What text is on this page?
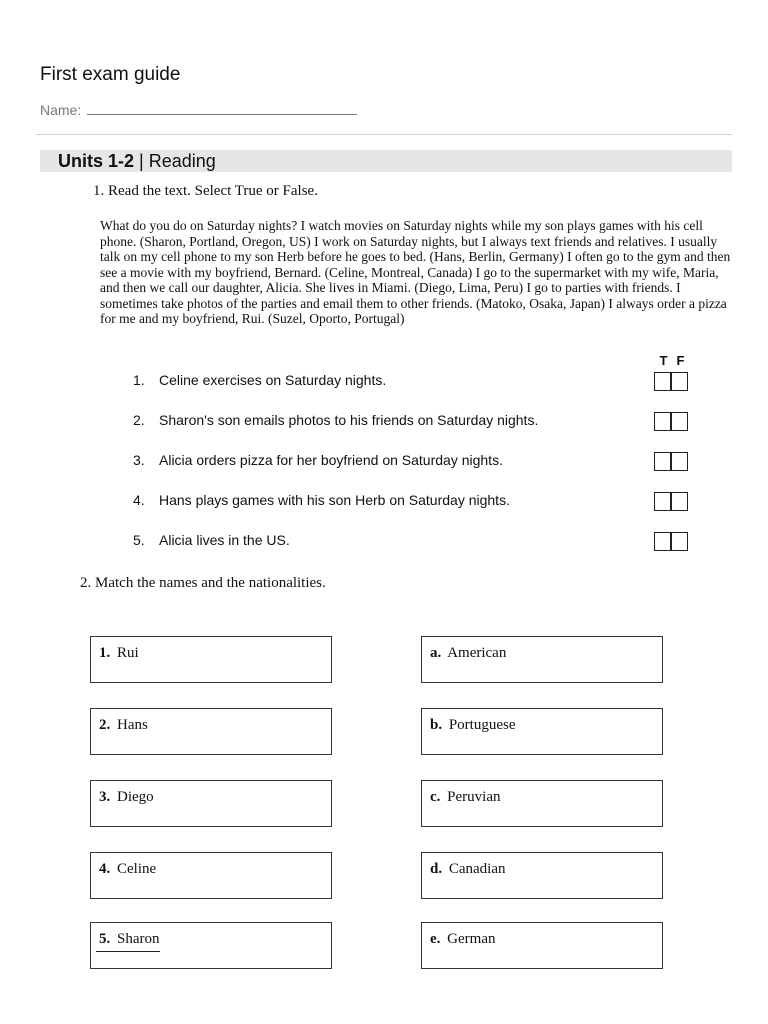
First exam guide
Name:
Units 1-2 | Reading
1. Read the text. Select True or False.
What do you do on Saturday nights? I watch movies on Saturday nights while my son plays games with his cell phone. (Sharon, Portland, Oregon, US) I work on Saturday nights, but I always text friends and relatives. I usually talk on my cell phone to my son Herb before he goes to bed. (Hans, Berlin, Germany) I often go to the gym and then see a movie with my boyfriend, Bernard. (Celine, Montreal, Canada) I go to the supermarket with my wife, Maria, and then we call our daughter, Alicia. She lives in Miami. (Diego, Lima, Peru) I go to parties with friends. I sometimes take photos of the parties and email them to other friends. (Matoko, Osaka, Japan) I always order a pizza for me and my boyfriend, Rui. (Suzel, Oporto, Portugal)
T F
1. Celine exercises on Saturday nights.
2. Sharon's son emails photos to his friends on Saturday nights.
3. Alicia orders pizza for her boyfriend on Saturday nights.
4. Hans plays games with his son Herb on Saturday nights.
5. Alicia lives in the US.
2. Match the names and the nationalities.
1. Rui
2. Hans
3. Diego
4. Celine
5. Sharon
a. American
b. Portuguese
c. Peruvian
d. Canadian
e. German
